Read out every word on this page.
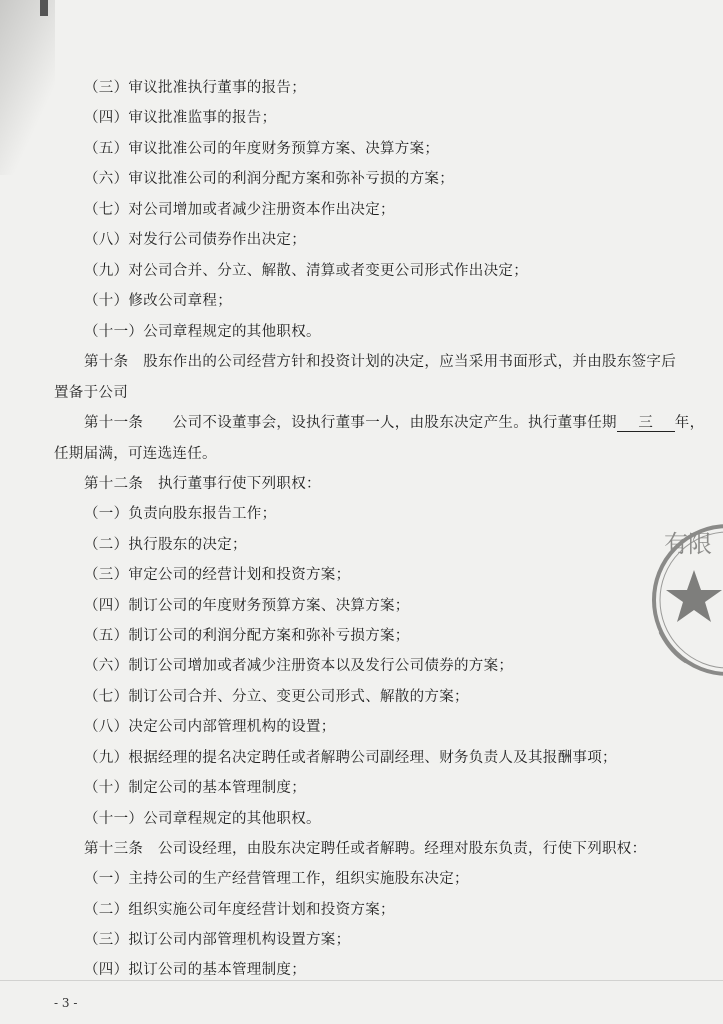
（三）审议批准执行董事的报告；
（四）审议批准监事的报告；
（五）审议批准公司的年度财务预算方案、决算方案；
（六）审议批准公司的利润分配方案和弥补亏损的方案；
（七）对公司增加或者减少注册资本作出决定；
（八）对发行公司债券作出决定；
（九）对公司合并、分立、解散、清算或者变更公司形式作出决定；
（十）修改公司章程；
（十一）公司章程规定的其他职权。
第十条　股东作出的公司经营方针和投资计划的决定，应当采用书面形式，并由股东签字后
置备于公司
第十一条　　公司不设董事会，设执行董事一人，由股东决定产生。执行董事任期 三 年，
任期届满，可连选连任。
第十二条　执行董事行使下列职权：
（一）负责向股东报告工作；
（二）执行股东的决定；
（三）审定公司的经营计划和投资方案；
（四）制订公司的年度财务预算方案、决算方案；
（五）制订公司的利润分配方案和弥补亏损方案；
（六）制订公司增加或者减少注册资本以及发行公司债券的方案；
（七）制订公司合并、分立、变更公司形式、解散的方案；
（八）决定公司内部管理机构的设置；
（九）根据经理的提名决定聘任或者解聘公司副经理、财务负责人及其报酬事项；
（十）制定公司的基本管理制度；
（十一）公司章程规定的其他职权。
第十三条　公司设经理，由股东决定聘任或者解聘。经理对股东负责，行使下列职权：
（一）主持公司的生产经营管理工作，组织实施股东决定；
（二）组织实施公司年度经营计划和投资方案；
（三）拟订公司内部管理机构设置方案；
（四）拟订公司的基本管理制度；
- 3 -
有限
